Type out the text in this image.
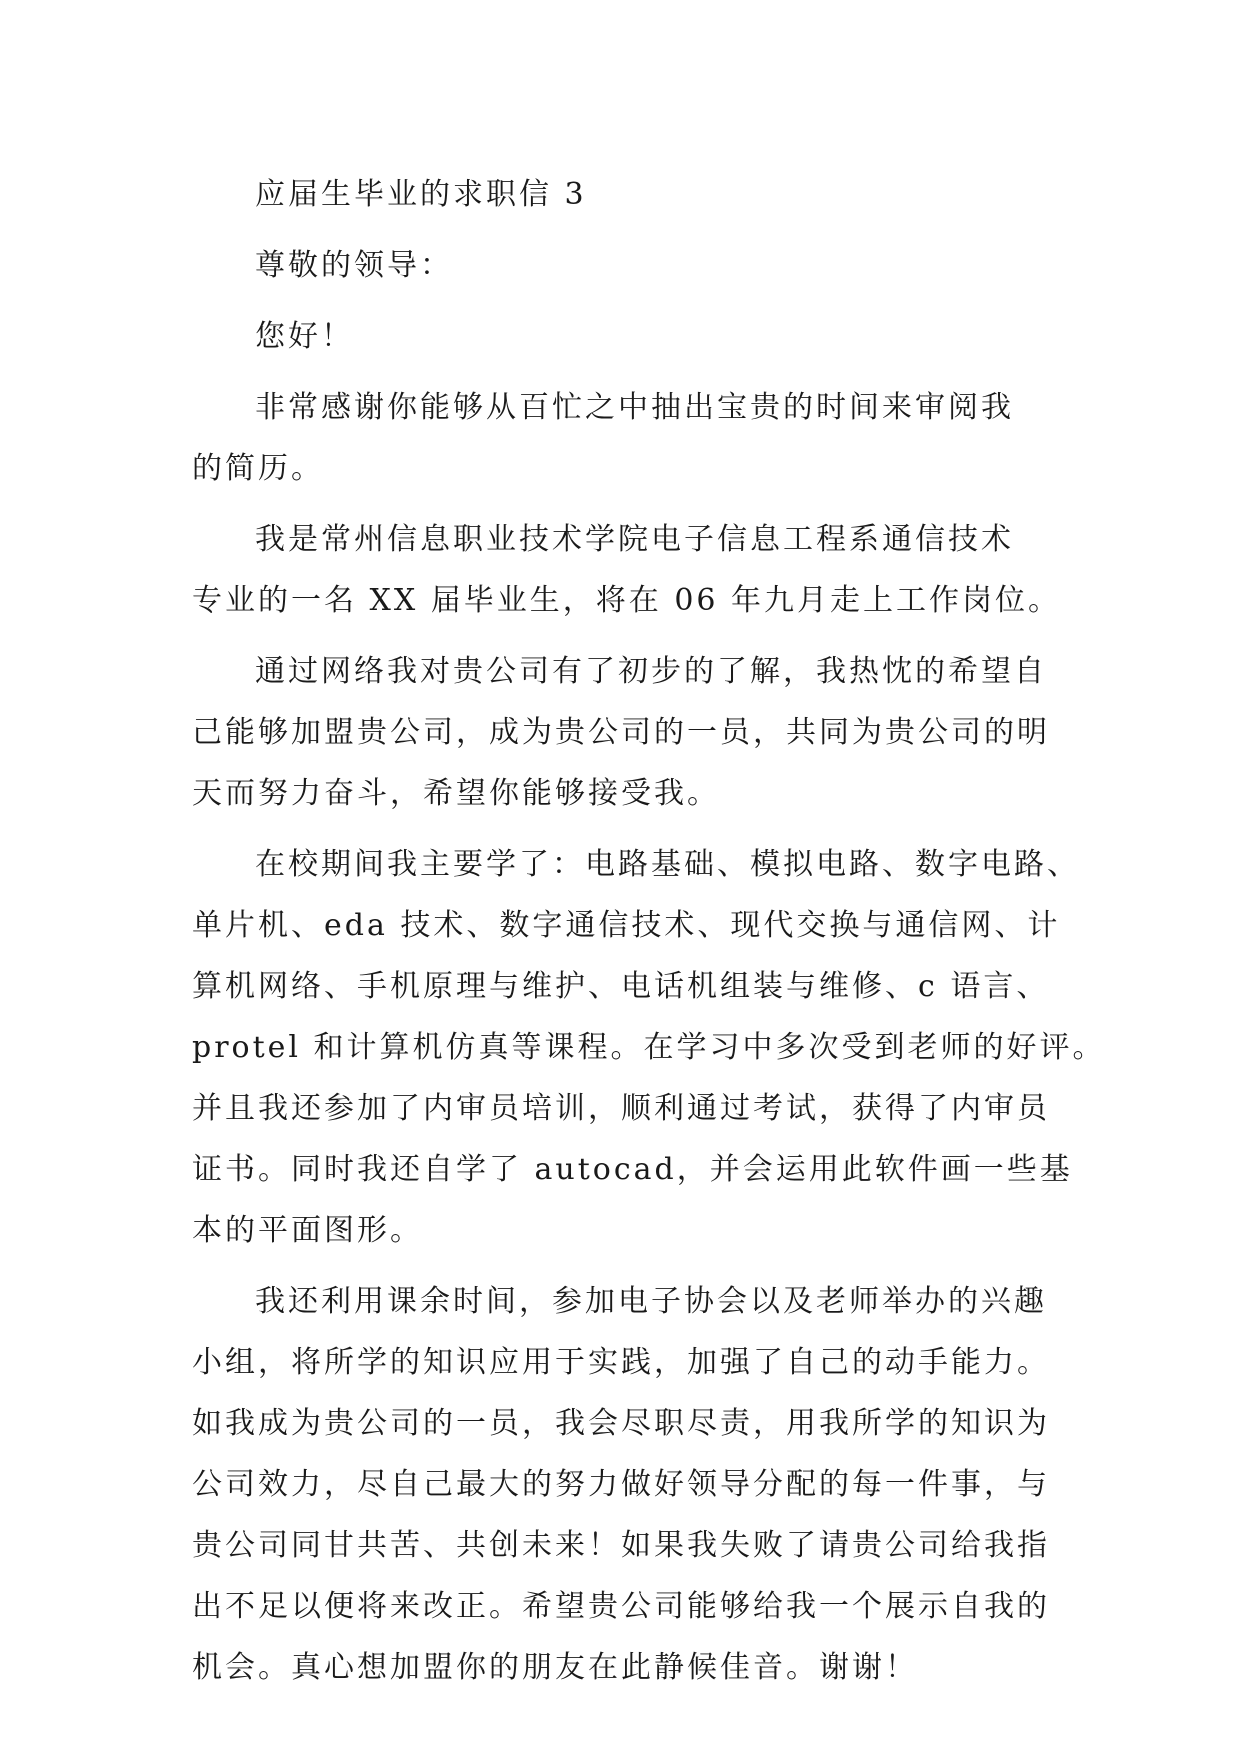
应届生毕业的求职信 3
尊敬的领导：
您好！
非常感谢你能够从百忙之中抽出宝贵的时间来审阅我
的简历。
我是常州信息职业技术学院电子信息工程系通信技术
专业的一名 XX 届毕业生，将在 06 年九月走上工作岗位。
通过网络我对贵公司有了初步的了解，我热忱的希望自
己能够加盟贵公司，成为贵公司的一员，共同为贵公司的明
天而努力奋斗，希望你能够接受我。
在校期间我主要学了：电路基础、模拟电路、数字电路、
单片机、eda 技术、数字通信技术、现代交换与通信网、计
算机网络、手机原理与维护、电话机组装与维修、c 语言、
protel 和计算机仿真等课程。在学习中多次受到老师的好评。
并且我还参加了内审员培训，顺利通过考试，获得了内审员
证书。同时我还自学了 autocad，并会运用此软件画一些基
本的平面图形。
我还利用课余时间，参加电子协会以及老师举办的兴趣
小组，将所学的知识应用于实践，加强了自己的动手能力。
如我成为贵公司的一员，我会尽职尽责，用我所学的知识为
公司效力，尽自己最大的努力做好领导分配的每一件事，与
贵公司同甘共苦、共创未来！如果我失败了请贵公司给我指
出不足以便将来改正。希望贵公司能够给我一个展示自我的
机会。真心想加盟你的朋友在此静候佳音。谢谢！
